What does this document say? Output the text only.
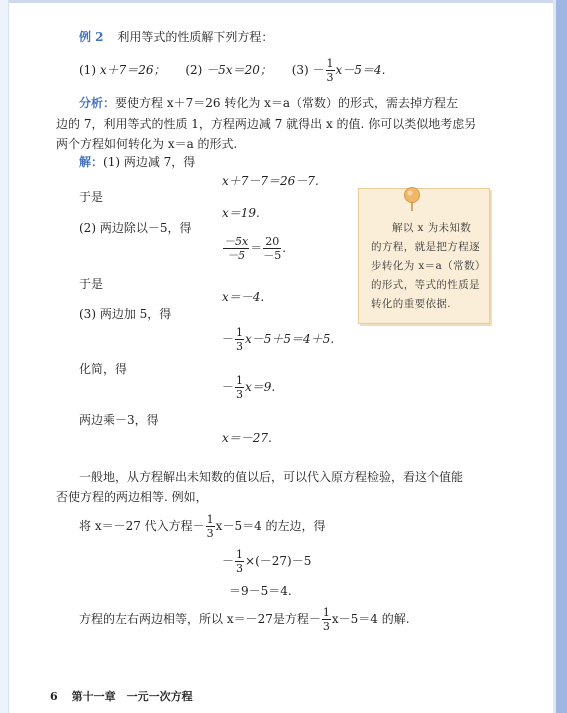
例 2 利用等式的性质解下列方程：
(1) x＋7＝26； (2) －5x＝20； $(3) - \frac{1}{3} x-5=4$.
分析：要使方程 x＋7＝26 转化为 x＝a（常数）的形式，需去掉方程左
边的 7，利用等式的性质 1，方程两边减 7 就得出 x 的值. 你可以类似地考虑另
两个方程如何转化为 x＝a 的形式.
解：(1) 两边减 7，得
x＋7－7＝26－7.
于是
x＝19.
(2) 两边除以－5，得
$\frac{-5x}{-5} = \frac{20}{-5}$ .
于是
x＝－4.
(3) 两边加 5，得
－ $\frac{1}{3} x-5+5=4+5$.
化简，得
－ $\frac{1}{3} x=9$.
两边乘－3，得
x＝－27.
一般地，从方程解出未知数的值以后，可以代入原方程检验，看这个值能
否使方程的两边相等. 例如，
将 x＝－27 代入方程－ $\frac{1}{3} x-5=4$ 的左边，得
－ $\frac{1}{3} \times(-27)-5$
＝9－5＝4.
方程的左右两边相等，所以 x＝－27是方程－ $\frac{1}{3} x-5=4$ 的解.
解以 x 为未知数的方程，就是把方程逐步转化为 x＝a（常数）的形式，等式的性质是转化的重要依据.
6 第十一章　一元一次方程
